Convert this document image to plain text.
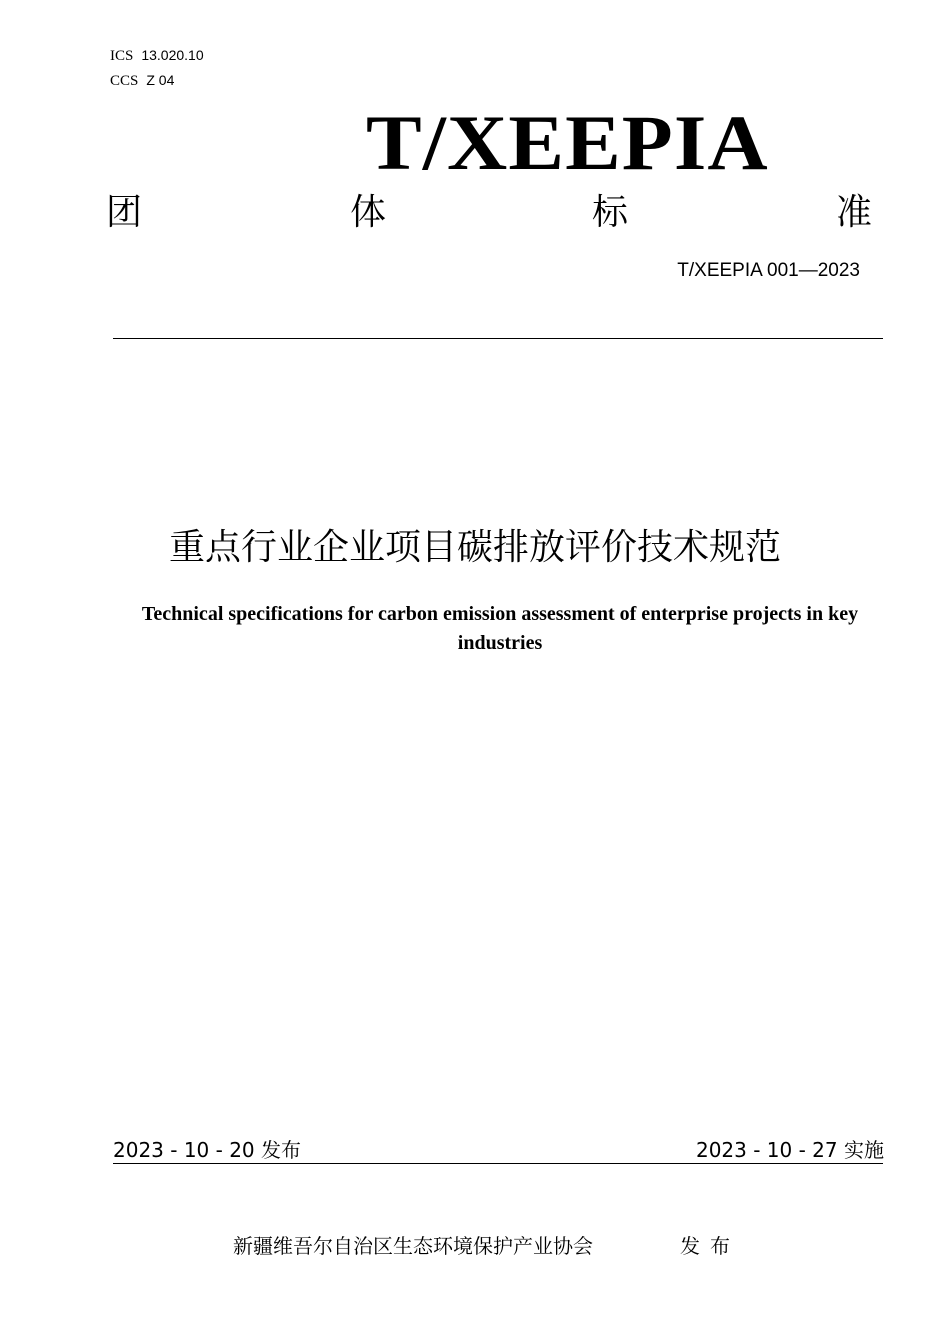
ICS 13.020.10
CCS Z 04
T/XEEPIA
团	体	标	准
T/XEEPIA 001—2023
重点行业企业项目碳排放评价技术规范
Technical specifications for carbon emission assessment of enterprise projects in key industries
2023 - 10 - 20 发布	2023 - 10 - 27 实施
新疆维吾尔自治区生态环境保护产业协会	发布
